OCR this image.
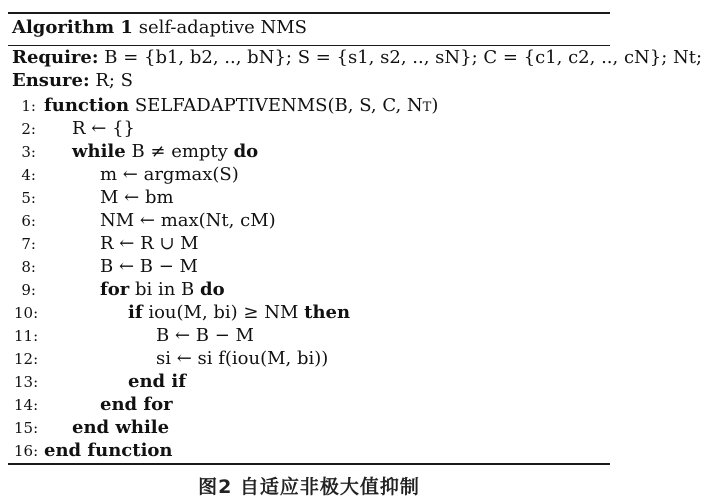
Algorithm 1 self-adaptive NMS
Require: B = {b1, b2, .., bN}; S = {s1, s2, .., sN}; C = {c1, c2, .., cN}; Nt;
Ensure: R; S
1: function SELFADAPTIVENMS(B, S, C, Nt)
2: R ← {}
3: while B ≠ empty do
4:	m ← argmax(S)
5:	M ← bm
6:	NM ← max(Nt, cM)
7:	R ← R ∪ M
8:	B ← B − M
9:	for bi in B do
10:	if iou(M, bi) ≥ NM then
11:	B ← B − M
12:	si ← si f(iou(M, bi))
13:	end if
14:	end for
15: end while
16: end function
图2 自适应非极大值抑制
